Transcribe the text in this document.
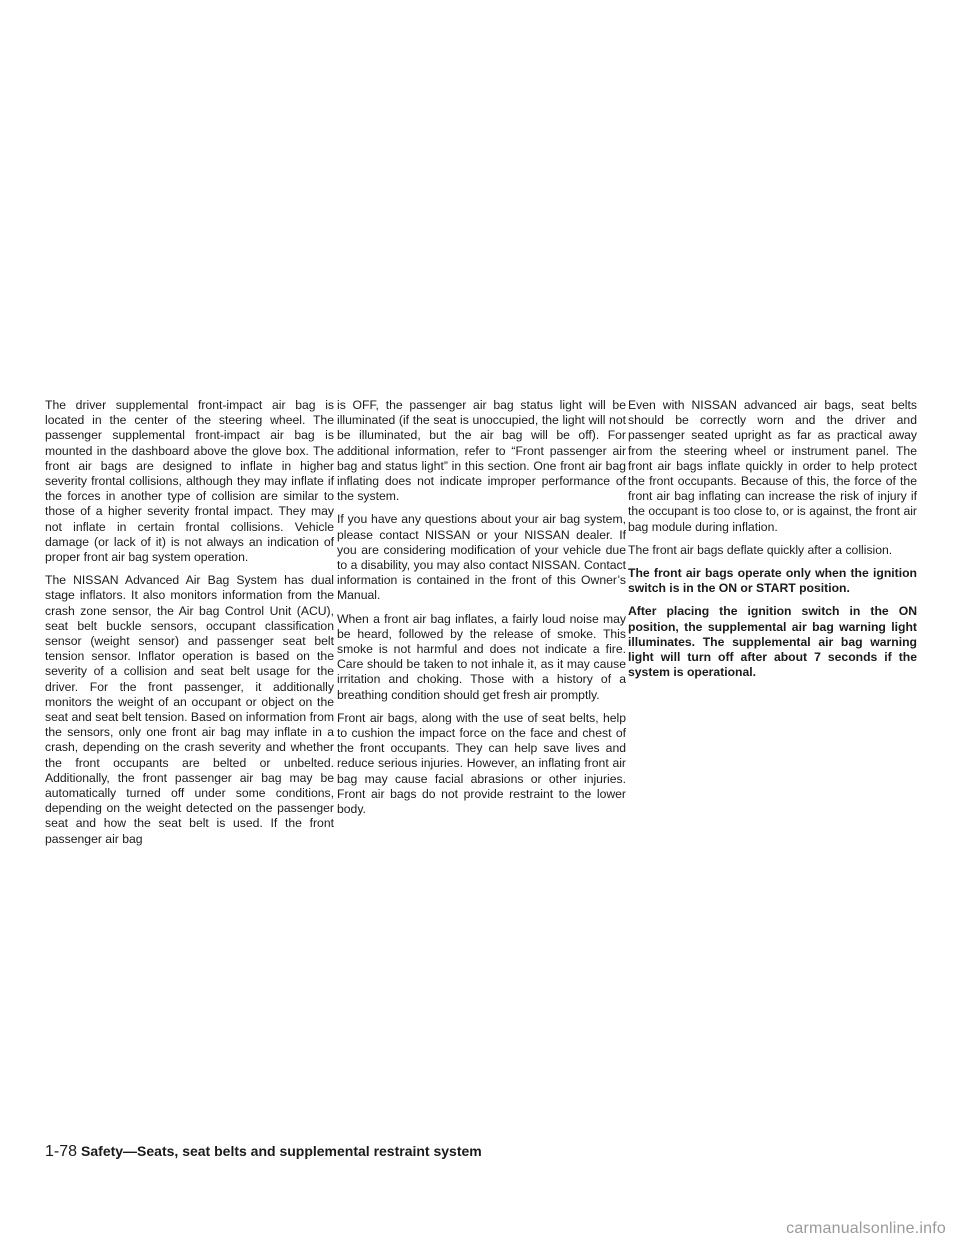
The driver supplemental front-impact air bag is located in the center of the steering wheel. The passenger supplemental front-impact air bag is mounted in the dashboard above the glove box. The front air bags are designed to inflate in higher severity frontal collisions, although they may inflate if the forces in another type of collision are similar to those of a higher severity frontal impact. They may not inflate in certain frontal collisions. Vehicle damage (or lack of it) is not always an indication of proper front air bag system operation.

The NISSAN Advanced Air Bag System has dual stage inflators. It also monitors information from the crash zone sensor, the Air bag Control Unit (ACU), seat belt buckle sensors, occupant classification sensor (weight sensor) and passenger seat belt tension sensor. Inflator operation is based on the severity of a collision and seat belt usage for the driver. For the front passenger, it additionally monitors the weight of an occupant or object on the seat and seat belt tension. Based on information from the sensors, only one front air bag may inflate in a crash, depending on the crash severity and whether the front occupants are belted or unbelted. Additionally, the front passenger air bag may be automatically turned off under some conditions, depending on the weight detected on the passenger seat and how the seat belt is used. If the front passenger air bag

is OFF, the passenger air bag status light will be illuminated (if the seat is unoccupied, the light will not be illuminated, but the air bag will be off). For additional information, refer to “Front passenger air bag and status light” in this section. One front air bag inflating does not indicate improper performance of the system.

If you have any questions about your air bag system, please contact NISSAN or your NISSAN dealer. If you are considering modification of your vehicle due to a disability, you may also contact NISSAN. Contact information is contained in the front of this Owner’s Manual.

When a front air bag inflates, a fairly loud noise may be heard, followed by the release of smoke. This smoke is not harmful and does not indicate a fire. Care should be taken to not inhale it, as it may cause irritation and choking. Those with a history of a breathing condition should get fresh air promptly.

Front air bags, along with the use of seat belts, help to cushion the impact force on the face and chest of the front occupants. They can help save lives and reduce serious injuries. However, an inflating front air bag may cause facial abrasions or other injuries. Front air bags do not provide restraint to the lower body.

Even with NISSAN advanced air bags, seat belts should be correctly worn and the driver and passenger seated upright as far as practical away from the steering wheel or instrument panel. The front air bags inflate quickly in order to help protect the front occupants. Because of this, the force of the front air bag inflating can increase the risk of injury if the occupant is too close to, or is against, the front air bag module during inflation.

The front air bags deflate quickly after a collision.

The front air bags operate only when the ignition switch is in the ON or START position.

After placing the ignition switch in the ON position, the supplemental air bag warning light illuminates. The supplemental air bag warning light will turn off after about 7 seconds if the system is operational.

1-78 Safety—Seats, seat belts and supplemental restraint system
carmanualsonline.info
